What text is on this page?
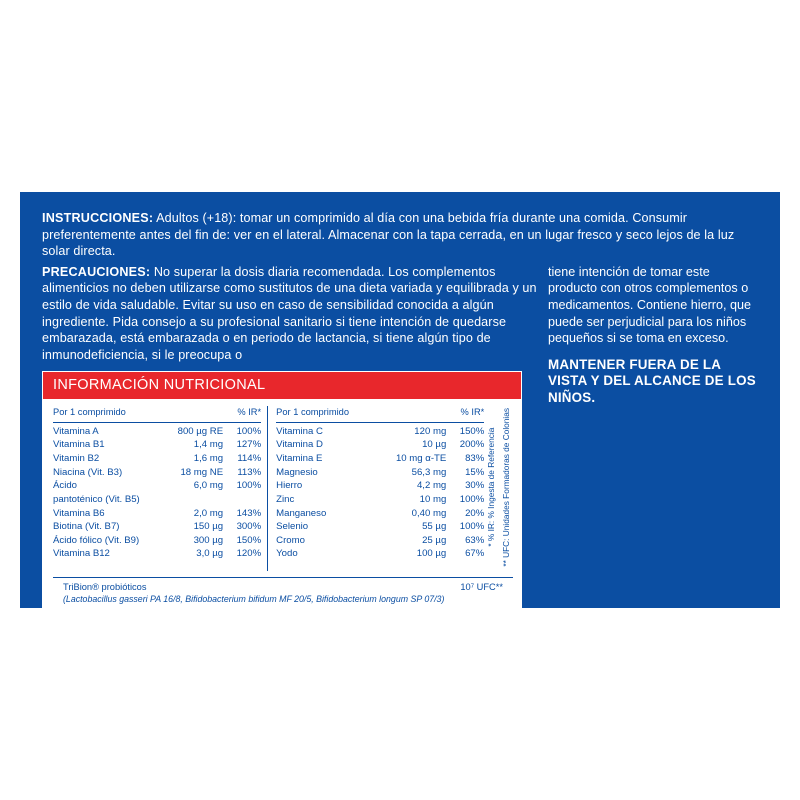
INSTRUCCIONES: Adultos (+18): tomar un comprimido al día con una bebida fría durante una comida. Consumir preferentemente antes del fin de: ver en el lateral. Almacenar con la tapa cerrada, en un lugar fresco y seco lejos de la luz solar directa.

PRECAUCIONES: No superar la dosis diaria recomendada. Los complementos alimenticios no deben utilizarse como sustitutos de una dieta variada y equilibrada y un estilo de vida saludable. Evitar su uso en caso de sensibilidad conocida a algún ingrediente. Pida consejo a su profesional sanitario si tiene intención de quedarse embarazada, está embarazada o en periodo de lactancia, si tiene algún tipo de inmunodeficiencia, si le preocupa o

INFORMACIÓN NUTRICIONAL
Por 1 comprimido		% IR*
Vitamina A	800 µg RE	100%
Vitamina B1	1,4 mg	127%
Vitamin B2	1,6 mg	114%
Niacina (Vit. B3)	18 mg NE	113%
Ácido	6,0 mg	100%
pantoténico (Vit. B5)		
Vitamina B6	2,0 mg	143%
Biotina (Vit. B7)	150 µg	300%
Ácido fólico (Vit. B9)	300 µg	150%
Vitamina B12	3,0 µg	120%
Por 1 comprimido		% IR*
Vitamina C	120 mg	150%
Vitamina D	10 µg	200%
Vitamina E	10 mg α-TE	83%
Magnesio	56,3 mg	15%
Hierro	4,2 mg	30%
Zinc	10 mg	100%
Manganeso	0,40 mg	20%
Selenio	55 µg	100%
Cromo	25 µg	63%
Yodo	100 µg	67%
* % IR: % Ingesta de Referencia ** UFC: Unidades Formadoras de Colonias
TriBion® probióticos	10⁷ UFC**
(Lactobacillus gasseri PA 16/8, Bifidobacterium bifidum MF 20/5, Bifidobacterium longum SP 07/3)
tiene intención de tomar este producto con otros complementos o medicamentos. Contiene hierro, que puede ser perjudicial para los niños pequeños si se toma en exceso.
MANTENER FUERA DE LA VISTA Y DEL ALCANCE DE LOS NIÑOS.
